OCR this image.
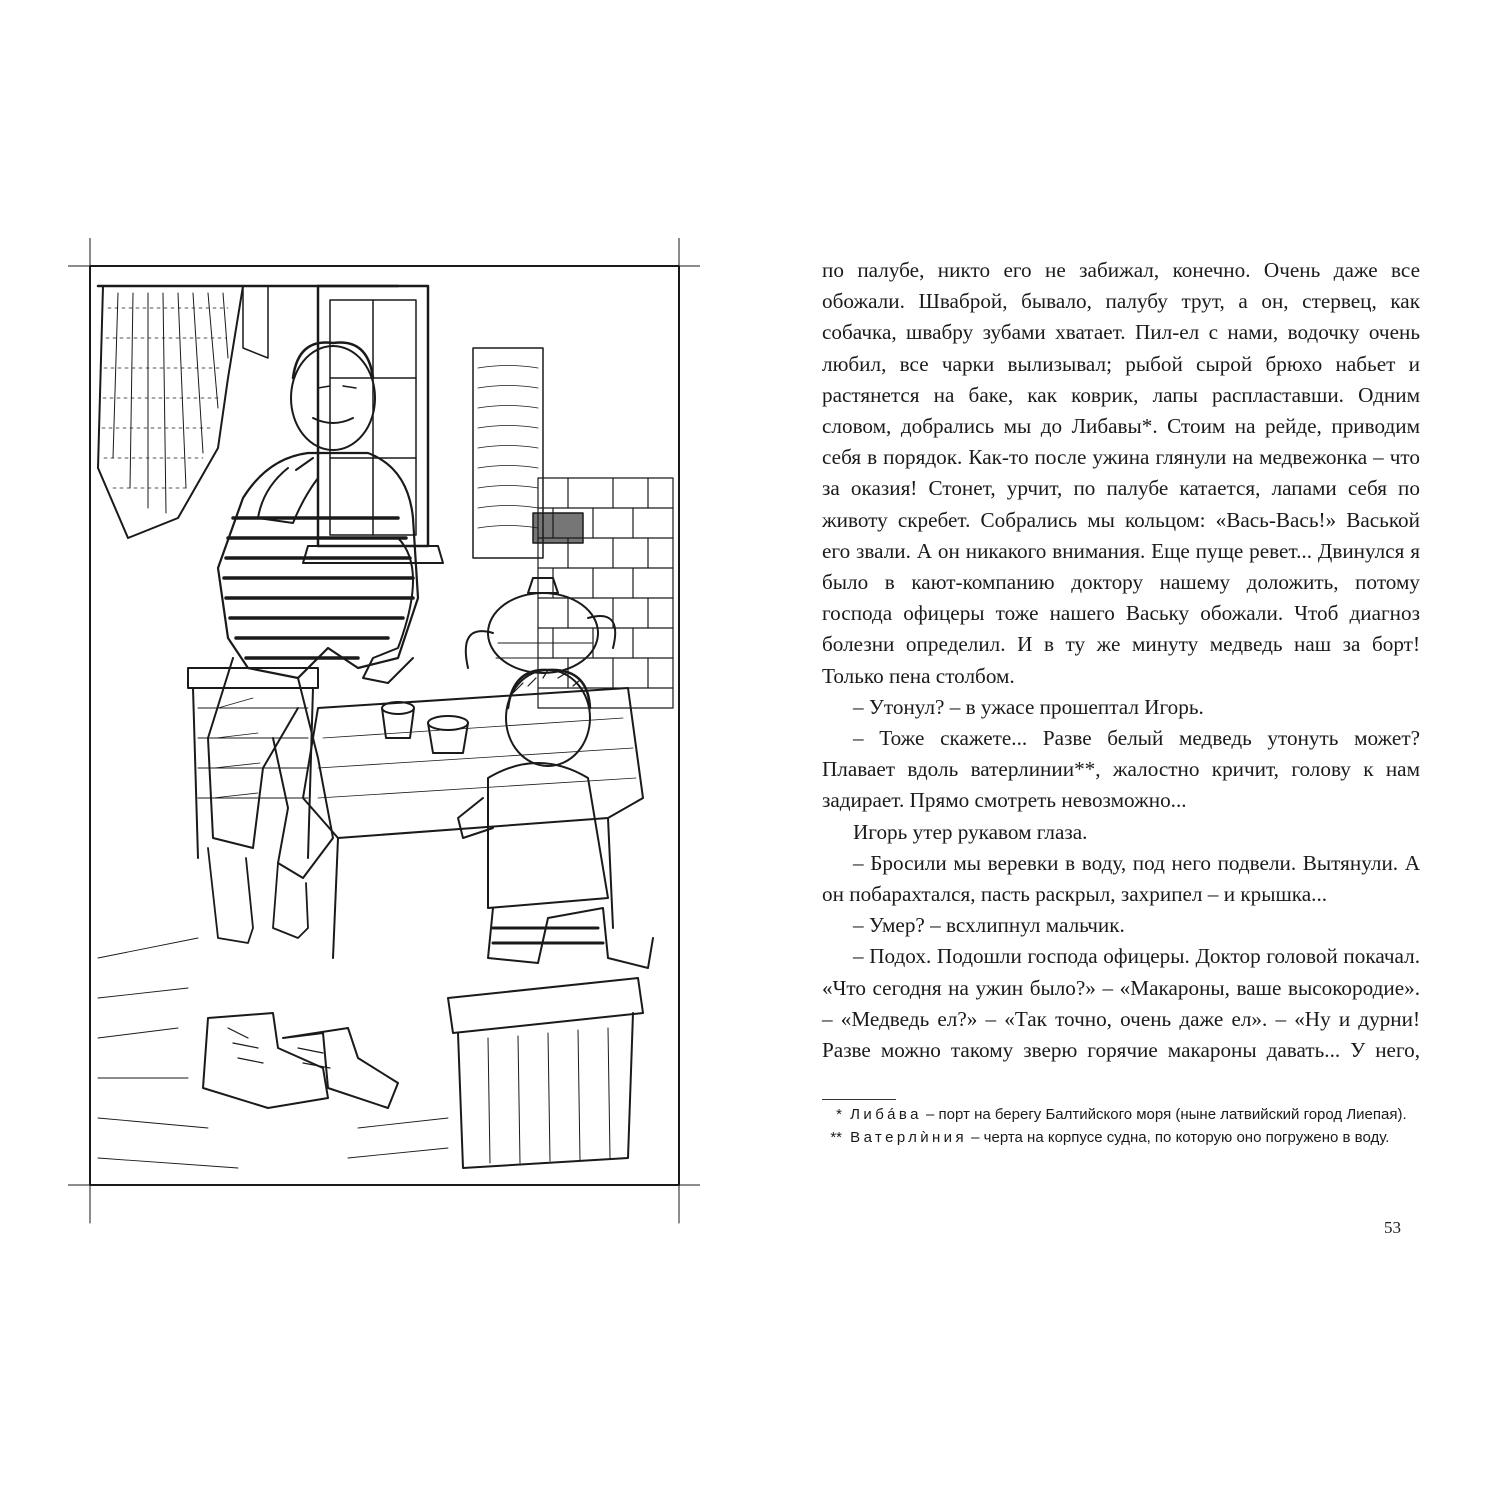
по палубе, никто его не забижал, конечно. Очень даже все обожали. Шваброй, бывало, палубу трут, а он, стервец, как собачка, швабру зубами хватает. Пил-ел с нами, водочку очень любил, все чарки вылизывал; рыбой сырой брюхо набьет и растянется на баке, как коврик, лапы распластавши. Одним словом, добрались мы до Либавы*. Стоим на рейде, приводим себя в порядок. Как-то после ужина глянули на медвежонка – что за оказия! Стонет, урчит, по палубе катается, лапами себя по животу скребет. Собрались мы кольцом: «Вась-Вась!» Васькой его звали. А он никакого внимания. Еще пуще ревет... Двинулся я было в кают-компанию доктору нашему доложить, потому господа офицеры тоже нашего Ваську обожали. Чтоб диагноз болезни определил. И в ту же минуту медведь наш за борт! Только пена столбом.

– Утонул? – в ужасе прошептал Игорь.

– Тоже скажете... Разве белый медведь утонуть может? Плавает вдоль ватерлинии**, жалостно кричит, голову к нам задирает. Прямо смотреть невозможно...

Игорь утер рукавом глаза.

– Бросили мы веревки в воду, под него подвели. Вытянули. А он побарахтался, пасть раскрыл, захрипел – и крышка...

– Умер? – всхлипнул мальчик.

– Подох. Подошли господа офицеры. Доктор головой покачал. «Что сегодня на ужин было?» – «Макароны, ваше высокородие». – «Медведь ел?» – «Так точно, очень даже ел». – «Ну и дурни! Разве можно такому зверю горячие макароны давать... У него,

* Либáва – порт на берегу Балтийского моря (ныне латвийский город Лиепая).

** Ватерлѝния – черта на корпусе судна, по которую оно погружено в воду.

53
